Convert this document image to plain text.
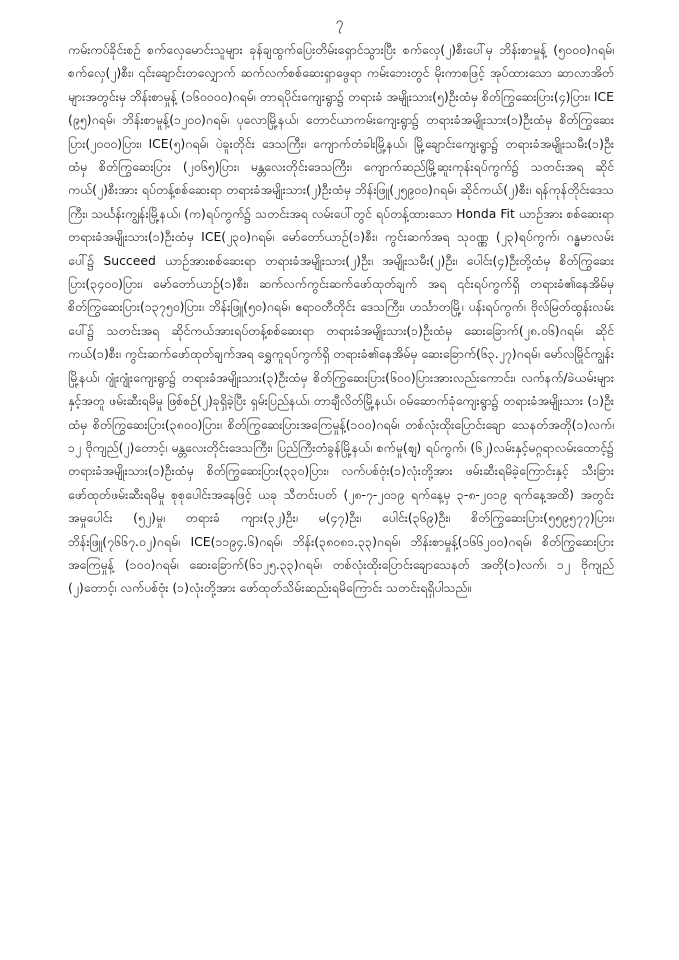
၇
ကမ်းကပ်ခိုင်းစဉ် စက်လှေမောင်းသူများ ခုန်ချထွက်ပြေးတိမ်းရှောင်သွားပြီး စက်လှေ(၂)စီးပေါ်မှ ဘိန်းစာမှုန့် (၅၀၀၀)ဂရမ်၊ စက်လှေ(၂)စီး၊ ၎င်းချောင်းတလျှောက် ဆက်လက်စစ်ဆေးရှာဖွေရာ ကမ်းဘေးတွင် မိုးကာစဖြင့် အုပ်ထားသော ဆာလာအိတ်များအတွင်းမှ ဘိန်းစာမှုန့် (၁၆၀၀၀၀)ဂရမ်၊ တာရပိုင်းကျေးရွာ၌ တရားခံ အမျိုးသား(၅)ဦးထံမှ စိတ်ကြွဆေးပြား(၄)ပြား၊ ICE (၉၅)ဂရမ်၊ ဘိန်းစာမှုန့်(၁၂၀၀)ဂရမ်၊ ပုလောမြို့နယ်၊ တောင်ယာကမ်းကျေးရွာ၌ တရားခံအမျိုးသား(၁)ဦးထံမှ စိတ်ကြွဆေးပြား(၂၀၀၀)ပြား၊ ICE(၅)ဂရမ်၊ ပဲခူးတိုင်း ဒေသကြီး၊ ကျောက်တံခါးမြို့နယ်၊ မြို့ချောင်းကျေးရွာ၌ တရားခံအမျိုးသမီး(၁)ဦးထံမှ စိတ်ကြွဆေးပြား (၂၀၆၅)ပြား၊ မန္တလေးတိုင်းဒေသကြီး၊ ကျောက်ဆည်မြို့ဆူးကုန်းရပ်ကွက်၌ သတင်းအရ ဆိုင်ကယ်(၂)စီးအား ရပ်တန့်စစ်ဆေးရာ တရားခံအမျိုးသား(၂)ဦးထံမှ ဘိန်းဖြူ(၂၅၉၀၀)ဂရမ်၊ ဆိုင်ကယ်(၂)စီး၊ ရန်ကုန်တိုင်းဒေသကြီး၊ သင်္ဃန်းကျွန်းမြို့နယ်၊ (က)ရပ်ကွက်၌ သတင်းအရ လမ်းပေါ်တွင် ရပ်တန့်ထားသော Honda Fit ယာဉ်အား စစ်ဆေးရာ တရားခံအမျိုးသား(၁)ဦးထံမှ ICE(၂၃၀)ဂရမ်၊ မော်တော်ယာဉ်(၁)စီး၊ ကွင်းဆက်အရ သုဝဏ္ဏ (၂၃)ရပ်ကွက်၊ ဂန္ဓမာလမ်းပေါ်၌ Succeed ယာဉ်အားစစ်ဆေးရာ တရားခံအမျိုးသား(၂)ဦး၊ အမျိုးသမီး(၂)ဦး၊ ပေါင်း(၄)ဦးတို့ထံမှ စိတ်ကြွဆေးပြား(၃၄၀၀)ပြား၊ မော်တော်ယာဉ်(၁)စီး၊ ဆက်လက်ကွင်းဆက်ဖော်ထုတ်ချက် အရ ၎င်းရပ်ကွက်ရှိ တရားခံ၏နေအိမ်မှ စိတ်ကြွဆေးပြား(၁၃၇၅၀)ပြား၊ ဘိန်းဖြူ(၅၀)ဂရမ်၊ ဧရာဝတီတိုင်း ဒေသကြီး၊ ဟင်္သာတမြို့၊ ပန်းရပ်ကွက်၊ ဗိုလ်မြတ်ထွန်းလမ်းပေါ်၌ သတင်းအရ ဆိုင်ကယ်အားရပ်တန့်စစ်ဆေးရာ တရားခံအမျိုးသား(၁)ဦးထံမှ ဆေးခြောက်(၂၈.၀၆)ဂရမ်၊ ဆိုင်ကယ်(၁)စီး၊ ကွင်းဆက်ဖော်ထုတ်ချက်အရ ရွှေကူရပ်ကွက်ရှိ တရားခံ၏နေအိမ်မှ ဆေးခြောက်(၆၃.၂၇)ဂရမ်၊ မော်လမြိုင်ကျွန်းမြို့နယ်၊ ဂျုံးဂျုံးကျေးရွာ၌ တရားခံအမျိုးသား(၃)ဦးထံမှ စိတ်ကြွဆေးပြား(၆၀၀)ပြားအားလည်းကောင်း၊ လက်နက်/ခဲယမ်းများနှင့်အတူ ဖမ်းဆီးရမိမှု ဖြစ်စဉ်(၂)ခုရှိခဲ့ပြီး ရှမ်းပြည်နယ်၊ တာချီလိတ်မြို့နယ်၊ ဝမ်ဆောက်ခုံကျေးရွာ၌ တရားခံအမျိုးသား (၁)ဦးထံမှ စိတ်ကြွဆေးပြား(၃၈၀၀)ပြား၊ စိတ်ကြွဆေးပြားအကြေမှုန့်(၁၀၀)ဂရမ်၊ တစ်လုံးထိုးပြောင်းချော သေနတ်အတို(၁)လက်၊ ၁၂ ဗိုကျည်(၂)တောင့်၊ မန္တလေးတိုင်းဒေသကြီး၊ ပြည်ကြီးတံခွန်မြို့နယ်၊ စက်မှု(ဈ) ရပ်ကွက်၊ (၆၂)လမ်းနှင့်မဂ္ဂရာလမ်းထောင့်၌ တရားခံအမျိုးသား(၁)ဦးထံမှ စိတ်ကြွဆေးပြား(၃၃၀)ပြား၊ လက်ပစ်ဗုံး(၁)လုံးတို့အား ဖမ်းဆီးရမိခဲ့ကြောင်းနှင့် သီးခြားဖော်ထုတ်ဖမ်းဆီးရမိမှု စုစုပေါင်းအနေဖြင့် ယခု သီတင်းပတ် (၂၈-၇-၂၀၁၉ ရက်နေ့မှ ၃-၈-၂၀၁၉ ရက်နေ့အထိ) အတွင်း အမှုပေါင်း (၅၂)မှု၊ တရားခံ ကျား(၃၂)ဦး၊ မ(၄၇)ဦး၊ ပေါင်း(၃၆၉)ဦး၊ စိတ်ကြွဆေးပြား(၅၅၉၅၇၇)ပြား၊ ဘိန်းဖြူ(၇၆၆၇.၀၂)ဂရမ်၊ ICE(၁၁၉၄.၆)ဂရမ်၊ ဘိန်း(၃၈၀၈၁.၃၃)ဂရမ်၊ ဘိန်းစာမှုန့်(၁၆၆၂၀၀)ဂရမ်၊ စိတ်ကြွဆေးပြားအကြေမှုန့် (၁၀၀)ဂရမ်၊ ဆေးခြောက်(၆၁၂၅.၃၃)ဂရမ်၊ တစ်လုံးထိုးပြောင်းချောသေနတ် အတို(၁)လက်၊ ၁၂ ဗိုကျည် (၂)တောင့်၊ လက်ပစ်ဗုံး (၁)လုံးတို့အား ဖော်ထုတ်သိမ်းဆည်းရမိကြောင်း သတင်းရရှိပါသည်။
